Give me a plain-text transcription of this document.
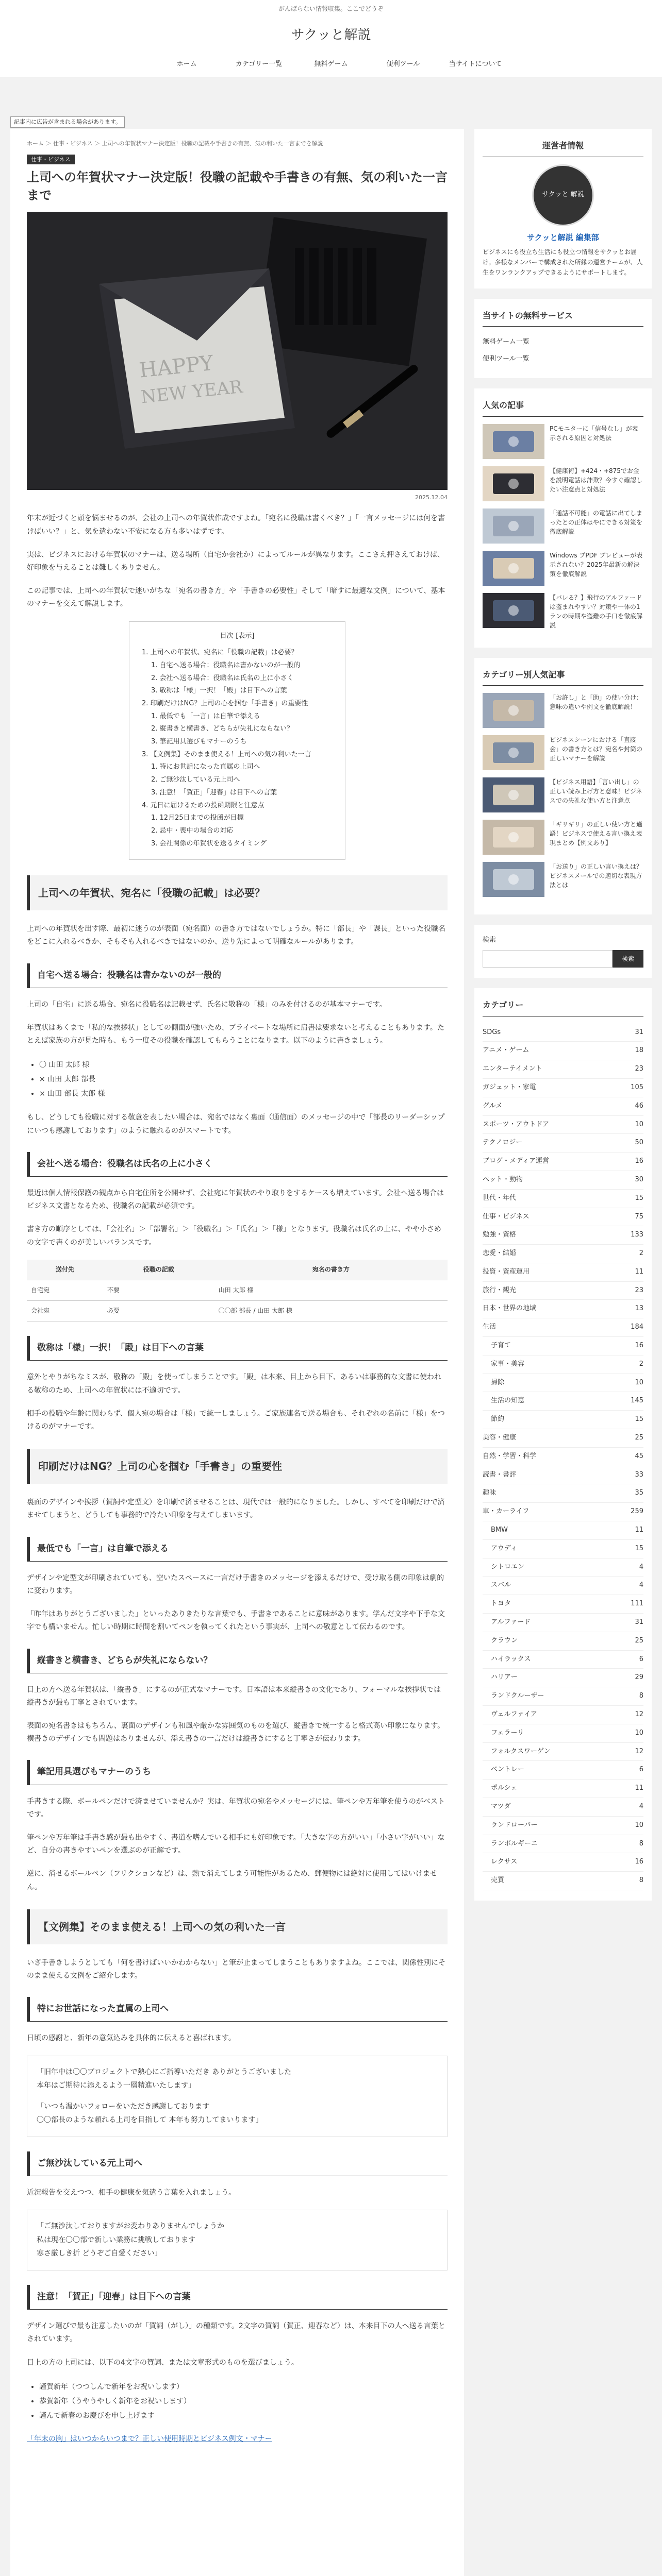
がんばらない情報収集。ここでどうぞ
サクッと解説
ホーム	カテゴリー一覧	無料ゲーム	便利ツール	当サイトについて
記事内に広告が含まれる場合があります。
ホーム ＞ 仕事・ビジネス ＞ 上司への年賀状マナー決定版！役職の記載や手書きの有無、気の利いた一言までを解説
仕事・ビジネス
上司への年賀状マナー決定版！役職の記載や手書きの有無、気の利いた一言まで
HAPPY
NEW YEAR
2025.12.04

年末が近づくと頭を悩ませるのが、会社の上司への年賀状作成ですよね。「宛名に役職は書くべき？」「一言メッセージには何を書けばいい？」と、気を遣わない不安になる方も多いはずです。

実は、ビジネスにおける年賀状のマナーは、送る場所（自宅か会社か）によってルールが異なります。ここさえ押さえておけば、好印象を与えることは難しくありません。

この記事では、上司への年賀状で迷いがちな「宛名の書き方」や「手書きの必要性」そして「暗すに最適な文例」について、基本のマナーを交えて解説します。

目次 [表示]
1. 上司への年賀状、宛名に「役職の記載」は必要？
1. 自宅へ送る場合：役職名は書かないのが一般的
2. 会社へ送る場合：役職名は氏名の上に小さく
3. 敬称は「様」一択！「殿」は目下への言葉
2. 印刷だけはNG？上司の心を掴む「手書き」の重要性
1. 最低でも「一言」は自筆で添える
2. 縦書きと横書き、どちらが失礼にならない？
3. 筆記用具選びもマナーのうち
3. 【文例集】そのまま使える！上司への気の利いた一言
1. 特にお世話になった直属の上司へ
2. ご無沙汰している元上司へ
3. 注意！「賀正」「迎春」は目下への言葉
4. 元日に届けるための投函期限と注意点
1. 12月25日までの投函が目標
2. 忌中・喪中の場合の対応
3. 会社関係の年賀状を送るタイミング
上司への年賀状、宛名に「役職の記載」は必要？

上司への年賀状を出す際、最初に迷うのが表面（宛名面）の書き方ではないでしょうか。特に「部長」や「課長」といった役職名をどこに入れるべきか、そもそも入れるべきではないのか、送り先によって明確なルールがあります。

自宅へ送る場合：役職名は書かないのが一般的

上司の「自宅」に送る場合、宛名に役職名は記載せず、氏名に敬称の「様」のみを付けるのが基本マナーです。

年賀状はあくまで「私的な挨拶状」としての側面が強いため、プライベートな場所に肩書は要求ないと考えることもあります。たとえば家族の方が見た時も、もう一度その役職を確認してもらうことになります。以下のように書きましょう。

• 〇 山田 太郎 様
• × 山田 太郎 部長
• × 山田 部長 太郎 様

もし、どうしても役職に対する敬意を表したい場合は、宛名ではなく裏面（通信面）のメッセージの中で「部長のリーダーシップにいつも感謝しております」のように触れるのがスマートです。

会社へ送る場合：役職名は氏名の上に小さく

最近は個人情報保護の観点から自宅住所を公開せず、会社宛に年賀状のやり取りをするケースも増えています。会社へ送る場合はビジネス文書となるため、役職名の記載が必須です。

書き方の順序としては、「会社名」＞「部署名」＞「役職名」＞「氏名」＞「様」となります。役職名は氏名の上に、やや小さめの文字で書くのが美しいバランスです。

送付先	役職の記載	宛名の書き方
自宅宛	不要	山田 太郎 様
会社宛	必要	〇〇部 部長 / 山田 太郎 様
敬称は「様」一択！「殿」は目下への言葉

意外とやりがちなミスが、敬称の「殿」を使ってしまうことです。「殿」は本来、目上から目下、あるいは事務的な文書に使われる敬称のため、上司への年賀状には不適切です。

相手の役職や年齢に関わらず、個人宛の場合は「様」で統一しましょう。ご家族連名で送る場合も、それぞれの名前に「様」をつけるのがマナーです。

印刷だけはNG？上司の心を掴む「手書き」の重要性

裏面のデザインや挨拶（賀詞や定型文）を印刷で済ませることは、現代では一般的になりました。しかし、すべてを印刷だけで済ませてしまうと、どうしても事務的で冷たい印象を与えてしまいます。

最低でも「一言」は自筆で添える

デザインや定型文が印刷されていても、空いたスペースに一言だけ手書きのメッセージを添えるだけで、受け取る側の印象は劇的に変わります。

「昨年はありがとうございました」といったありきたりな言葉でも、手書きであることに意味があります。学んだ文字や下手な文字でも構いません。忙しい時期に時間を割いてペンを執ってくれたという事実が、上司への敬意として伝わるのです。

縦書きと横書き、どちらが失礼にならない？

目上の方へ送る年賀状は、「縦書き」にするのが正式なマナーです。日本語は本来縦書きの文化であり、フォーマルな挨拶状では縦書きが最も丁寧とされています。

表面の宛名書きはもちろん、裏面のデザインも和風や厳かな雰囲気のものを選び、縦書きで統一すると格式高い印象になります。横書きのデザインでも問題はありませんが、添え書きの一言だけは縦書きにすると丁寧さが伝わります。

筆記用具選びもマナーのうち

手書きする際、ボールペンだけで済ませていませんか？実は、年賀状の宛名やメッセージには、筆ペンや万年筆を使うのがベストです。

筆ペンや万年筆は手書き感が最も出やすく、書道を嗜んでいる相手にも好印象です。「大きな字の方がいい」「小さい字がいい」など、自分の書きやすいペンを選ぶのが正解です。

逆に、消せるボールペン（フリクションなど）は、熱で消えてしまう可能性があるため、郵便物には絶対に使用してはいけません。

【文例集】そのまま使える！上司への気の利いた一言

いざ手書きしようとしても「何を書けばいいかわからない」と筆が止まってしまうこともありますよね。ここでは、関係性別にそのまま使える文例をご紹介します。

特にお世話になった直属の上司へ

日頃の感謝と、新年の意気込みを具体的に伝えると喜ばれます。

「旧年中は〇〇プロジェクトで熱心にご指導いただき ありがとうございました
本年はご期待に添えるよう一層精進いたします」
「いつも温かいフォローをいただき感謝しております
〇〇部長のような頼れる上司を目指して 本年も努力してまいります」
ご無沙汰している元上司へ

近況報告を交えつつ、相手の健康を気遣う言葉を入れましょう。

「ご無沙汰しておりますがお変わりありませんでしょうか
私は現在〇〇部で新しい業務に挑戦しております
寒さ厳しき折 どうぞご自愛ください」
注意！「賀正」「迎春」は目下への言葉

デザイン選びで最も注意したいのが「賀詞（がし）」の種類です。2文字の賀詞（賀正、迎春など）は、本来目下の人へ送る言葉とされています。

目上の方の上司には、以下の4文字の賀詞、または文章形式のものを選びましょう。

• 謹賀新年（つつしんで新年をお祝いします）
• 恭賀新年（うやうやしく新年をお祝いします）
• 謹んで新春のお慶びを申し上げます
「年末の胸」はいつからいつまで？正しい使用時期とビジネス例文・マナー
運営者情報
サクッと 解説
サクッと解説 編集部
ビジネスにも役立ち生活にも役立つ情報をサクッとお届け。多様なメンバーで構成された所縁の運営チームが、人生をワンランクアップできるようにサポートします。
当サイトの無料サービス
無料ゲーム一覧
便利ツール一覧
人気の記事
PCモニターに「信号なし」が表示される原因と対処法
【健康術】+424・+875でお金を説明電話は詐欺？今すぐ確認したい注意点と対処法
「通話不可能」の電話に出てしまったとの正体はやにできる対策を徹底解説
Windows プPDF ブレビューが表示されない？2025年最新の解決策を徹底解説
【バレる？】飛行のアルファード は盗まれやすい？対策や一体の1ランの時期や盗難の手口を徹底解説
カテゴリー別人気記事
「お許し」と「助」の使い分け：意味の違いや例文を徹底解説！
ビジネスシーンにおける「直接会」の書き方とは？宛名や封筒の正しいマナーを解説
【ビジネス用語】「言い出し」の正しい読み上げ方と意味！ビジネスでの失礼な使い方と注意点
「ギリギリ」の正しい使い方と適語！ビジネスで使える言い換え表現まとめ【例文あり】
「お送り」の正しい言い換えは？ビジネスメールでの適切な表現方法とは
検索
検索
カテゴリー
SDGs	31
アニメ・ゲーム	18
エンターテイメント	23
ガジェット・家電	105
グルメ	46
スポーツ・アウトドア	10
テクノロジー	50
ブログ・メディア運営	16
ペット・動物	30
世代・年代	15
仕事・ビジネス	75
勉強・資格	133
恋愛・結婚	2
投資・資産運用	11
旅行・観光	23
日本・世界の地域	13
生活	184
子育て	16
家事・美容	2
掃除	10
生活の知恵	145
節約	15
美容・健康	25
自然・学習・科学	45
読書・書評	33
趣味	35
車・カーライフ	259
BMW	11
アウディ	15
シトロエン	4
スバル	4
トヨタ	111
アルファード	31
クラウン	25
ハイラックス	6
ハリアー	29
ランドクルーザー	8
ヴェルファイア	12
フェラーリ	10
フォルクスワーゲン	12
ベントレー	6
ポルシェ	11
マツダ	4
ランドローバー	10
ランボルギーニ	8
レクサス	16
売買	8
